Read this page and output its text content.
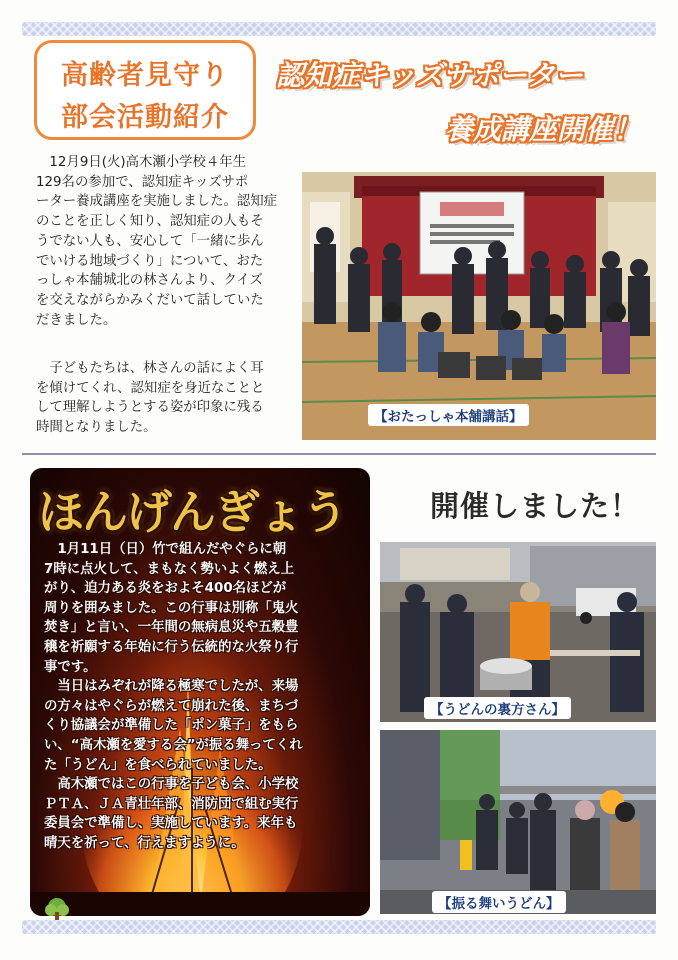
高齢者見守り
部会活動紹介
認知症キッズサポーター
養成講座開催！
　12月9日(火)高木瀬小学校４年生
129名の参加で、認知症キッズサポ
ーター養成講座を実施しました。認知症
のことを正しく知り、認知症の人もそ
うでない人も、安心して「一緒に歩ん
でいける地域づくり」について、おた
っしゃ本舗城北の林さんより、クイズ
を交えながらかみくだいて話していた
だきました。
　子どもたちは、林さんの話によく耳
を傾けてくれ、認知症を身近なことと
して理解しようとする姿が印象に残る
時間となりました。
【おたっしゃ本舗講話】
ほんげんぎょう	開催しました！
　1月11日（日）竹で組んだやぐらに朝
7時に点火して、まもなく勢いよく燃え上
がり、迫力ある炎をおよそ400名ほどが
周りを囲みました。この行事は別称「鬼火
焚き」と言い、一年間の無病息災や五穀豊
穣を祈願する年始に行う伝統的な火祭り行
事です。
　当日はみぞれが降る極寒でしたが、来場
の方々はやぐらが燃えて崩れた後、まちづ
くり協議会が準備した「ポン菓子」をもら
い、“高木瀬を愛する会”が振る舞ってくれ
た「うどん」を食べられていました。
　高木瀬ではこの行事を子ども会、小学校
ＰＴＡ、ＪＡ青壮年部、消防団で組む実行
委員会で準備し、実施しています。来年も
晴天を祈って、行えますように。
【うどんの裏方さん】
【振る舞いうどん】
